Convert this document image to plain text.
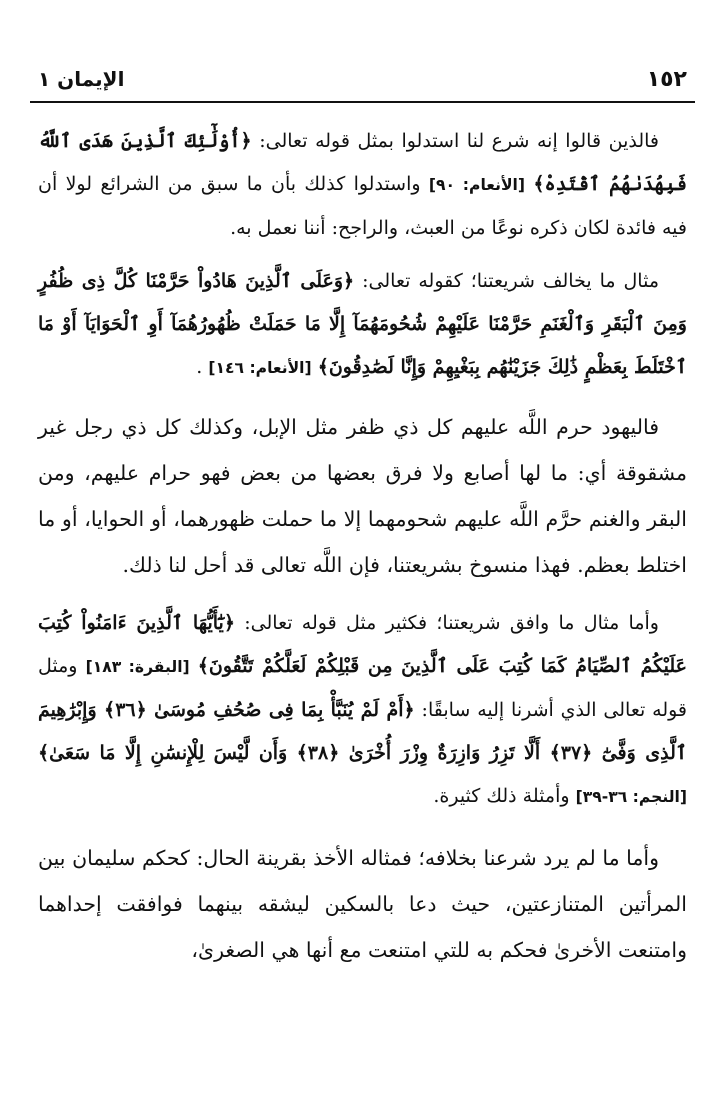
١٥٢
الإيمان ١

فالذين قالوا إنه شرع لنا استدلوا بمثل قوله تعالى: ﴿أُوْلَٰٓئِكَ ٱلَّذِينَ هَدَى ٱللَّهُ فَبِهُدَىٰهُمُ ٱقْتَدِهْ﴾ [الأنعام: ٩٠] واستدلوا كذلك بأن ما سبق من الشرائع لولا أن فيه فائدة لكان ذكره نوعًا من العبث، والراجح: أننا نعمل به.

مثال ما يخالف شريعتنا؛ كقوله تعالى: ﴿وَعَلَى ٱلَّذِينَ هَادُواْ حَرَّمْنَا كُلَّ ذِى ظُفُرٍ وَمِنَ ٱلْبَقَرِ وَٱلْغَنَمِ حَرَّمْنَا عَلَيْهِمْ شُحُومَهُمَآ إِلَّا مَا حَمَلَتْ ظُهُورُهُمَآ أَوِ ٱلْحَوَايَآ أَوْ مَا ٱخْتَلَطَ بِعَظْمٍ ذَٰلِكَ جَزَيْنَٰهُم بِبَغْيِهِمْ وَإِنَّا لَصَٰدِقُونَ﴾ [الأنعام: ١٤٦] .

فاليهود حرم اللَّه عليهم كل ذي ظفر مثل الإبل، وكذلك كل ذي رجل غير مشقوقة أي: ما لها أصابع ولا فرق بعضها من بعض فهو حرام عليهم، ومن البقر والغنم حرَّم اللَّه عليهم شحومهما إلا ما حملت ظهورهما، أو الحوايا، أو ما اختلط بعظم. فهذا منسوخ بشريعتنا، فإن اللَّه تعالى قد أحل لنا ذلك.

وأما مثال ما وافق شريعتنا؛ فكثير مثل قوله تعالى: ﴿يَٰٓأَيُّهَا ٱلَّذِينَ ءَامَنُواْ كُتِبَ عَلَيْكُمُ ٱلصِّيَامُ كَمَا كُتِبَ عَلَى ٱلَّذِينَ مِن قَبْلِكُمْ لَعَلَّكُمْ تَتَّقُونَ﴾ [البقرة: ١٨٣] ومثل قوله تعالى الذي أشرنا إليه سابقًا: ﴿أَمْ لَمْ يُنَبَّأْ بِمَا فِى صُحُفِ مُوسَىٰ ﴿٣٦﴾ وَإِبْرَٰهِيمَ ٱلَّذِى وَفَّىٰٓ ﴿٣٧﴾ أَلَّا تَزِرُ وَازِرَةٌ وِزْرَ أُخْرَىٰ ﴿٣٨﴾ وَأَن لَّيْسَ لِلْإِنسَٰنِ إِلَّا مَا سَعَىٰ﴾ [النجم: ٣٦-٣٩] وأمثلة ذلك كثيرة.

وأما ما لم يرد شرعنا بخلافه؛ فمثاله الأخذ بقرينة الحال: كحكم سليمان بين المرأتين المتنازعتين، حيث دعا بالسكين ليشقه بينهما فوافقت إحداهما وامتنعت الأخرىٰ فحكم به للتي امتنعت مع أنها هي الصغرىٰ،
